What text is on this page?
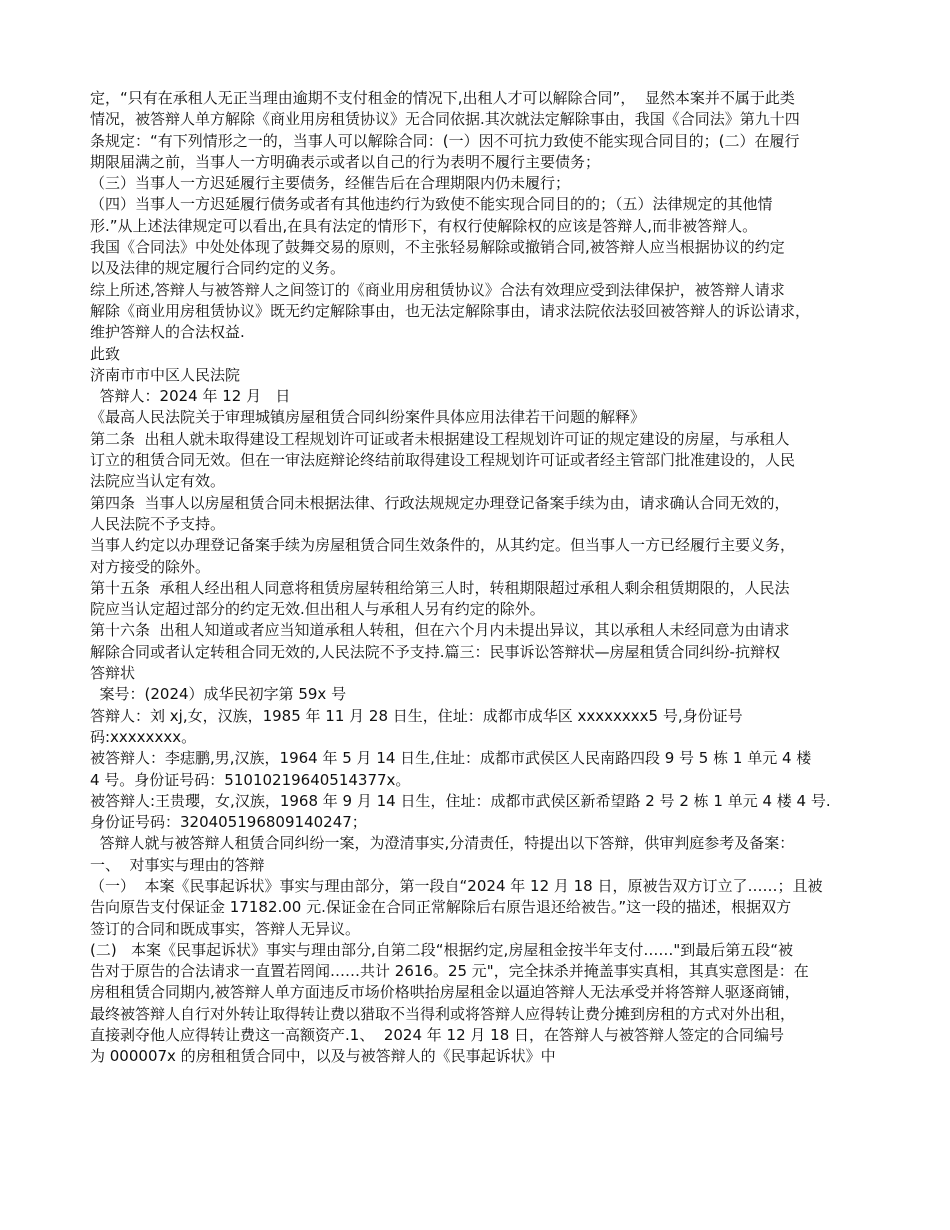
定，“只有在承租人无正当理由逾期不支付租金的情况下,出租人才可以解除合同”，  显然本案并不属于此类
情况，被答辩人单方解除《商业用房租赁协议》无合同依据.其次就法定解除事由，我国《合同法》第九十四
条规定：“有下列情形之一的，当事人可以解除合同：(一）因不可抗力致使不能实现合同目的；(二）在履行
期限届满之前，当事人一方明确表示或者以自己的行为表明不履行主要债务；
（三）当事人一方迟延履行主要债务，经催告后在合理期限内仍未履行；
（四）当事人一方迟延履行债务或者有其他违约行为致使不能实现合同目的的；（五）法律规定的其他情
形.”从上述法律规定可以看出,在具有法定的情形下，有权行使解除权的应该是答辩人,而非被答辩人。
我国《合同法》中处处体现了鼓舞交易的原则，不主张轻易解除或撤销合同,被答辩人应当根据协议的约定
以及法律的规定履行合同约定的义务。
综上所述,答辩人与被答辩人之间签订的《商业用房租赁协议》合法有效理应受到法律保护，被答辩人请求
解除《商业用房租赁协议》既无约定解除事由，也无法定解除事由，请求法院依法驳回被答辩人的诉讼请求，
维护答辩人的合法权益.
此致
济南市市中区人民法院
答辩人：2024 年 12 月   日
《最高人民法院关于审理城镇房屋租赁合同纠纷案件具体应用法律若干问题的解释》
第二条  出租人就未取得建设工程规划许可证或者未根据建设工程规划许可证的规定建设的房屋，与承租人
订立的租赁合同无效。但在一审法庭辩论终结前取得建设工程规划许可证或者经主管部门批准建设的，人民
法院应当认定有效。
第四条  当事人以房屋租赁合同未根据法律、行政法规规定办理登记备案手续为由，请求确认合同无效的，
人民法院不予支持。
当事人约定以办理登记备案手续为房屋租赁合同生效条件的，从其约定。但当事人一方已经履行主要义务，
对方接受的除外。
第十五条  承租人经出租人同意将租赁房屋转租给第三人时，转租期限超过承租人剩余租赁期限的，人民法
院应当认定超过部分的约定无效.但出租人与承租人另有约定的除外。
第十六条  出租人知道或者应当知道承租人转租，但在六个月内未提出异议，其以承租人未经同意为由请求
解除合同或者认定转租合同无效的,人民法院不予支持.篇三：民事诉讼答辩状—房屋租赁合同纠纷-抗辩权
答辩状
案号：(2024）成华民初字第 59x 号
答辩人：刘 xj,女，汉族，1985 年 11 月 28 日生，住址：成都市成华区 xxxxxxxx5 号,身份证号
码:xxxxxxxx。
被答辩人：李痣鹏,男,汉族，1964 年 5 月 14 日生,住址：成都市武侯区人民南路四段 9 号 5 栋 1 单元 4 楼
4 号。身份证号码：51010219640514377x。
被答辩人:王贵瓔，女,汉族，1968 年 9 月 14 日生，住址：成都市武侯区新希望路 2 号 2 栋 1 单元 4 楼 4 号.
身份证号码：320405196809140247；
答辩人就与被答辩人租赁合同纠纷一案，为澄清事实,分清责任，特提出以下答辩，供审判庭参考及备案：
一、  对事实与理由的答辩
（一）  本案《民事起诉状》事实与理由部分，第一段自“2024 年 12 月 18 日，原被告双方订立了……；且被
告向原告支付保证金 17182.00 元.保证金在合同正常解除后右原告退还给被告。”这一段的描述，根据双方
签订的合同和既成事实，答辩人无异议。
(二)   本案《民事起诉状》事实与理由部分,自第二段“根据约定,房屋租金按半年支付……"到最后第五段“被
告对于原告的合法请求一直置若罔闻……共计 2616。25 元"，完全抹杀并掩盖事实真相，其真实意图是：在
房租租赁合同期内,被答辩人单方面违反市场价格哄抬房屋租金以逼迫答辩人无法承受并将答辩人驱逐商铺，
最终被答辩人自行对外转让取得转让费以猎取不当得利或将答辩人应得转让费分摊到房租的方式对外出租，
直接剥夺他人应得转让费这一高额资产.1、  2024 年 12 月 18 日，在答辩人与被答辩人签定的合同编号
为 000007x 的房租租赁合同中，以及与被答辩人的《民事起诉状》中
